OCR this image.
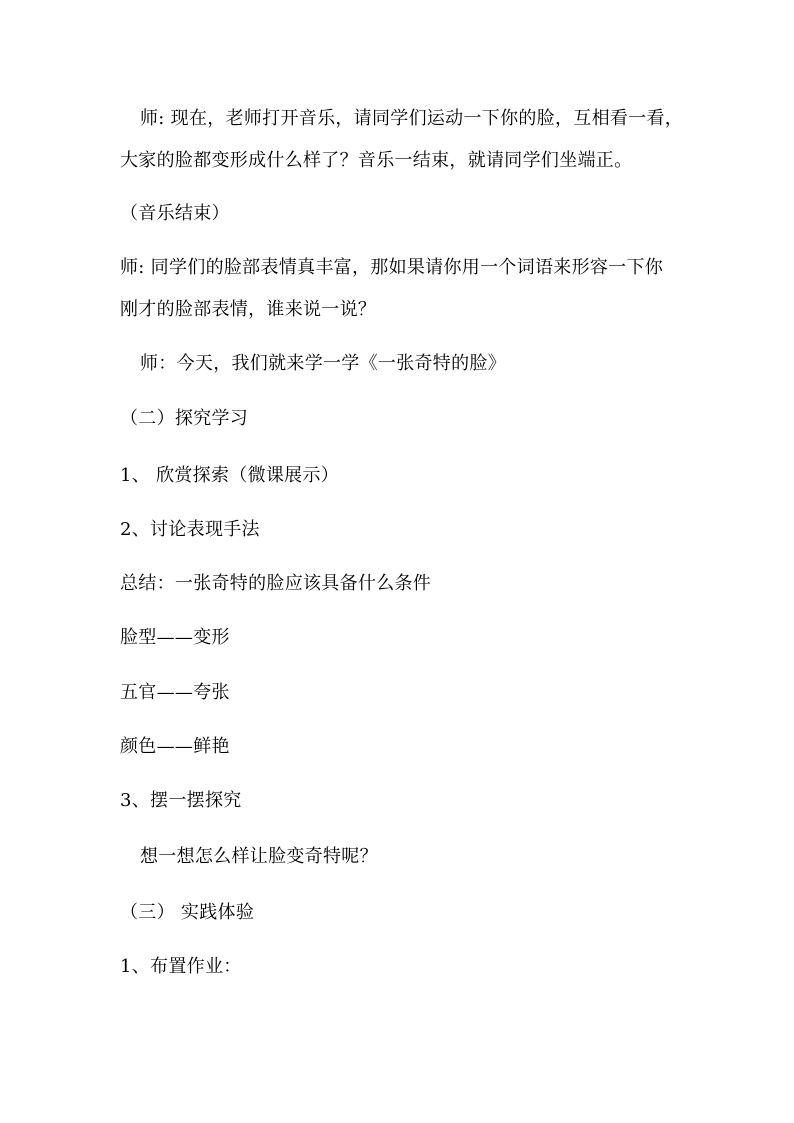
师: 现在，老师打开音乐，请同学们运动一下你的脸，互相看一看，
大家的脸都变形成什么样了？音乐一结束，就请同学们坐端正。
（音乐结束）
师: 同学们的脸部表情真丰富，那如果请你用一个词语来形容一下你
刚才的脸部表情，谁来说一说？
师：今天，我们就来学一学《一张奇特的脸》
（二）探究学习
1、 欣赏探索（微课展示）
2、讨论表现手法
总结：一张奇特的脸应该具备什么条件
脸型——变形
五官——夸张
颜色——鲜艳
3、摆一摆探究
想一想怎么样让脸变奇特呢？
（三） 实践体验
1、布置作业：
